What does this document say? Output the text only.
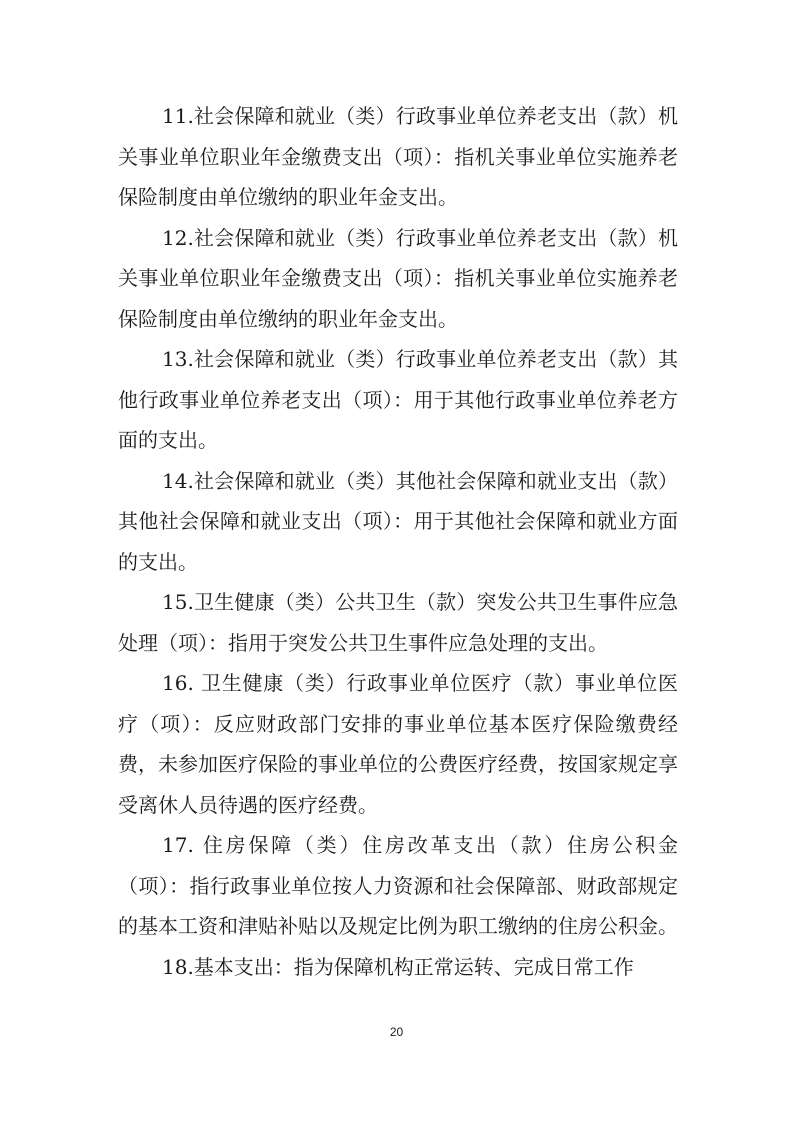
11.社会保障和就业（类）行政事业单位养老支出（款）机关事业单位职业年金缴费支出（项）：指机关事业单位实施养老保险制度由单位缴纳的职业年金支出。

12.社会保障和就业（类）行政事业单位养老支出（款）机关事业单位职业年金缴费支出（项）：指机关事业单位实施养老保险制度由单位缴纳的职业年金支出。

13.社会保障和就业（类）行政事业单位养老支出（款）其他行政事业单位养老支出（项）：用于其他行政事业单位养老方面的支出。

14.社会保障和就业（类）其他社会保障和就业支出（款）其他社会保障和就业支出（项）：用于其他社会保障和就业方面的支出。

15.卫生健康（类）公共卫生（款）突发公共卫生事件应急处理（项）：指用于突发公共卫生事件应急处理的支出。

16. 卫生健康（类）行政事业单位医疗（款）事业单位医疗（项）：反应财政部门安排的事业单位基本医疗保险缴费经费，未参加医疗保险的事业单位的公费医疗经费，按国家规定享受离休人员待遇的医疗经费。

17. 住房保障（类）住房改革支出（款）住房公积金（项）：指行政事业单位按人力资源和社会保障部、财政部规定的基本工资和津贴补贴以及规定比例为职工缴纳的住房公积金。

18.基本支出：指为保障机构正常运转、完成日常工作

20
